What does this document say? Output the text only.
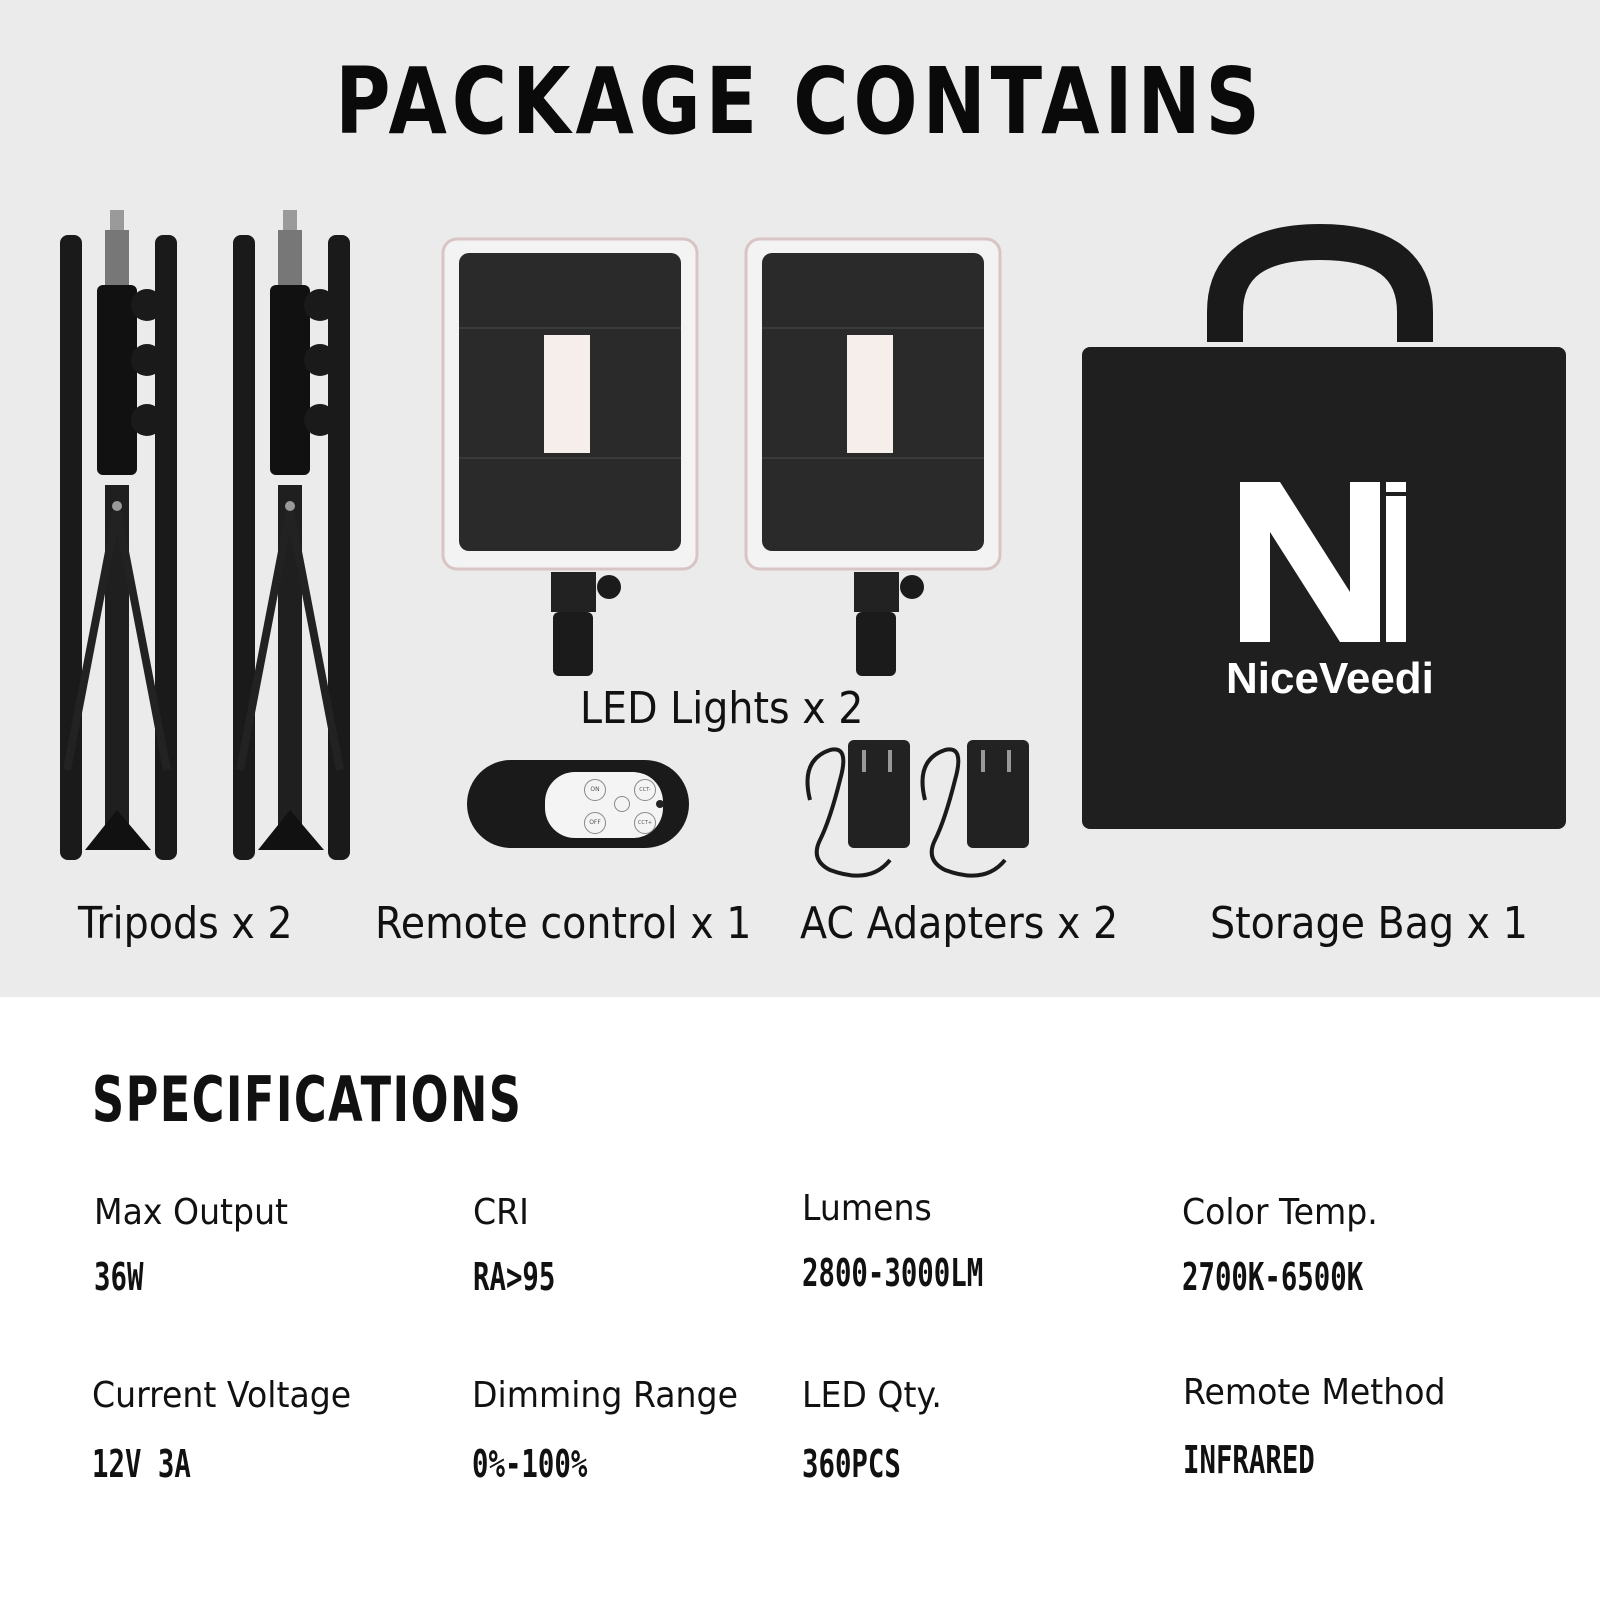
PACKAGE CONTAINS
LED Lights x 2
NiceVeedi
ON
OFF
CCT-
CCT+
Tripods x 2 Remote control x 1 AC Adapters x 2 Storage Bag x 1
SPECIFICATIONS
Max Output
36W
CRI
RA>95
Lumens
2800-3000LM
Color Temp.
2700K-6500K
Current Voltage
12V 3A
Dimming Range
0%-100%
LED Qty.
360PCS
Remote Method
INFRARED
